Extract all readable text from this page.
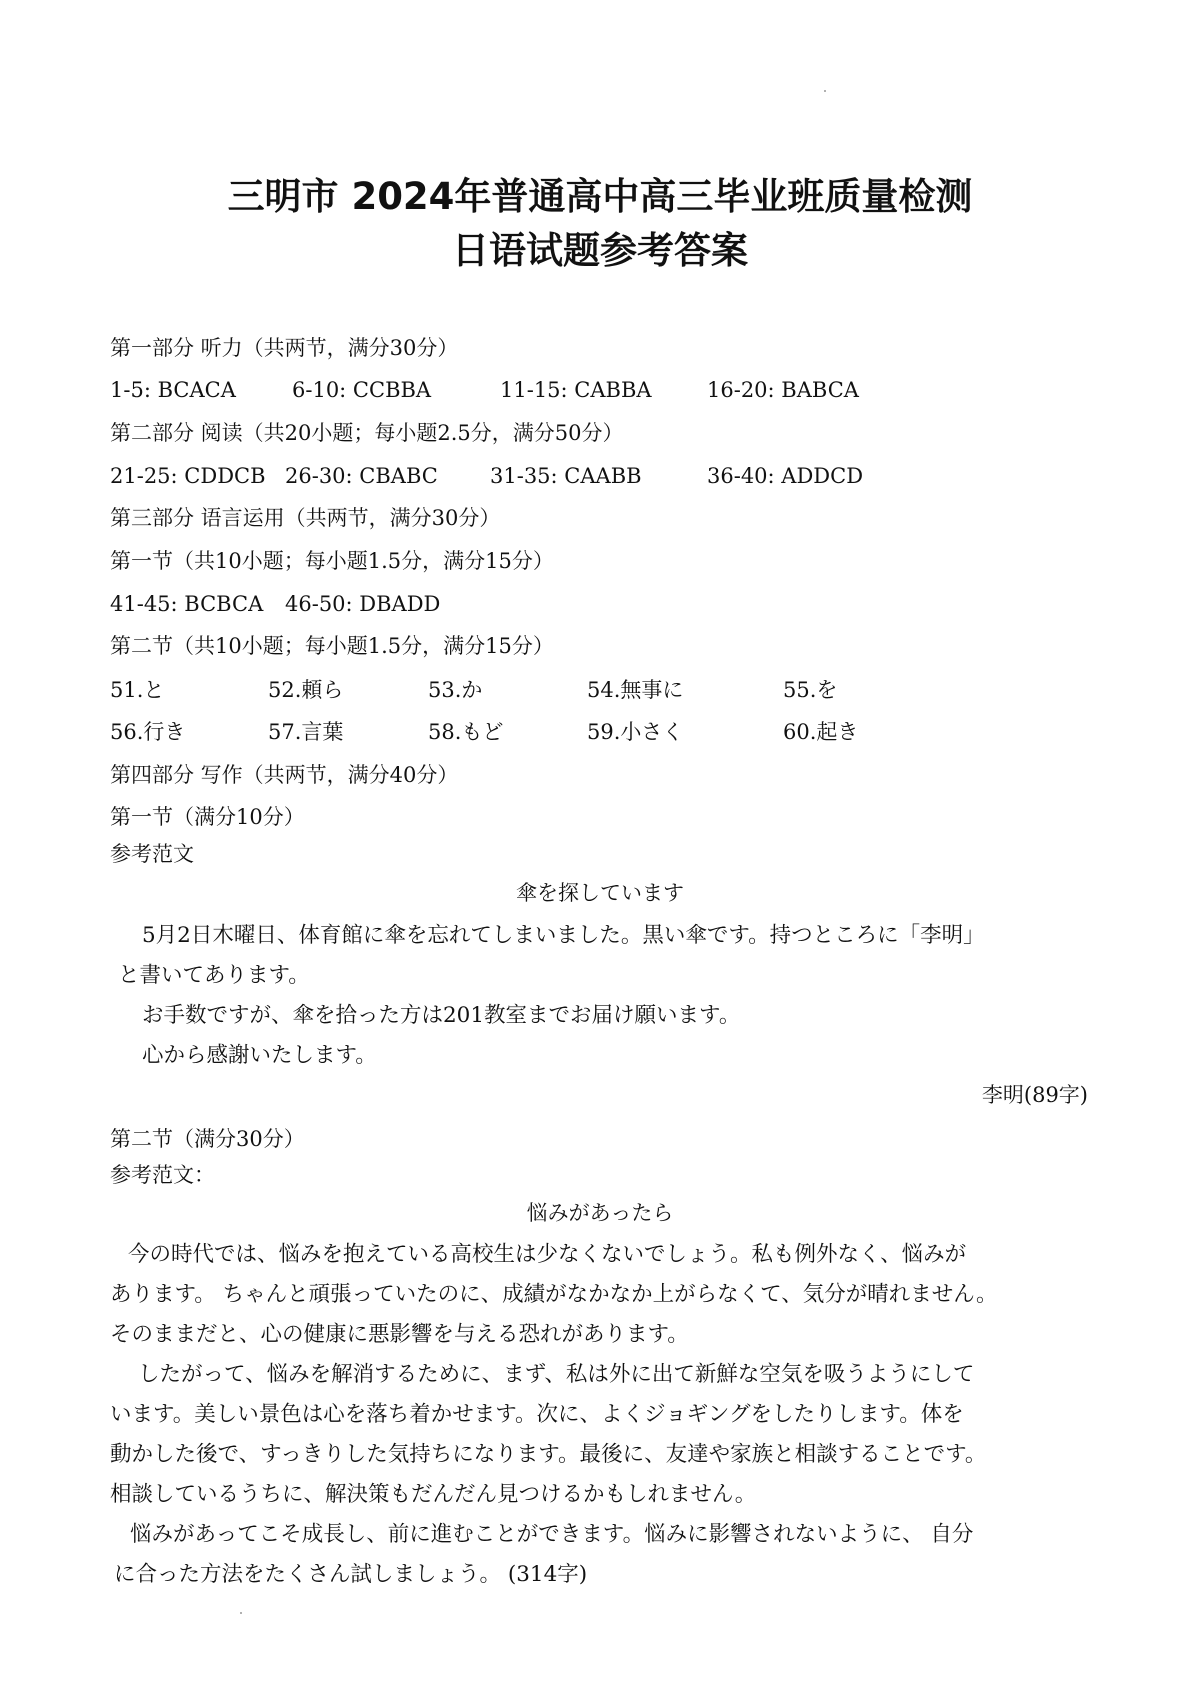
三明市 2024年普通高中高三毕业班质量检测
日语试题参考答案
第一部分 听力（共两节，满分30分）
1-5: BCACA	6-10: CCBBA	11-15: CABBA	16-20: BABCA
第二部分 阅读（共20小题；每小题2.5分，满分50分）
21-25: CDDCB 26-30: CBABC 31-35: CAABB	36-40: ADDCD
第三部分 语言运用（共两节，满分30分）
第一节（共10小题；每小题1.5分，满分15分）
41-45: BCBCA 46-50: DBADD
第二节（共10小题；每小题1.5分，满分15分）
51.と	52.頼ら	53.か	54.無事に	55.を
56.行き	57.言葉	58.もど	59.小さく	60.起き
第四部分 写作（共两节，满分40分）
第一节（满分10分）
参考范文
傘を探しています
5月2日木曜日、体育館に傘を忘れてしまいました。黒い傘です。持つところに「李明」
と書いてあります。
お手数ですが、傘を拾った方は201教室までお届け願います。
心から感謝いたします。
李明(89字)
第二节（满分30分）
参考范文：
悩みがあったら
今の時代では、悩みを抱えている高校生は少なくないでしょう。私も例外なく、悩みが
あります。 ちゃんと頑張っていたのに、成績がなかなか上がらなくて、気分が晴れません。
そのままだと、心の健康に悪影響を与える恐れがあります。
したがって、悩みを解消するために、まず、私は外に出て新鮮な空気を吸うようにして
います。美しい景色は心を落ち着かせます。次に、よくジョギングをしたりします。体を
動かした後で、すっきりした気持ちになります。最後に、友達や家族と相談することです。
相談しているうちに、解決策もだんだん見つけるかもしれません。
悩みがあってこそ成長し、前に進むことができます。悩みに影響されないように、 自分
に合った方法をたくさん試しましょう。 (314字)
